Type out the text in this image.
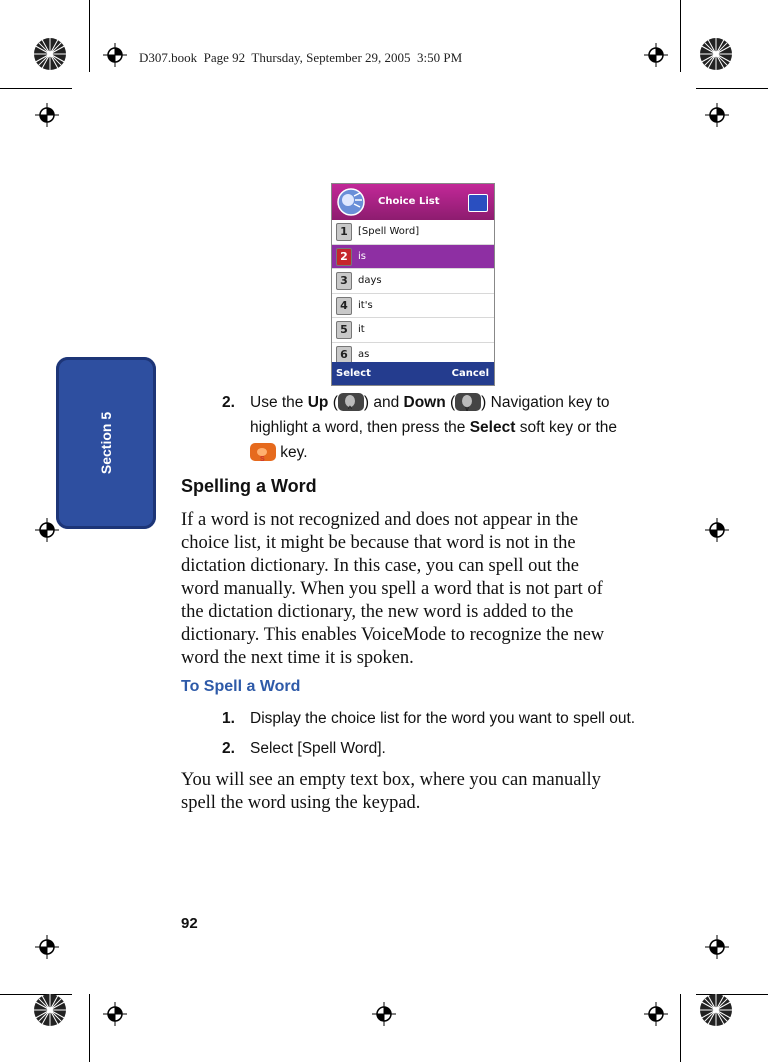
D307.book  Page 92  Thursday, September 29, 2005  3:50 PM
Section 5
Choice List
1	[Spell Word]
2	is
3	days
4	it's
5	it
6	as
Select	Cancel
2. Use the Up ( ^ ) and Down ( v ) Navigation key to
highlight a word, then press the Select soft key or the
S key.
Spelling a Word
If a word is not recognized and does not appear in the
choice list, it might be because that word is not in the
dictation dictionary. In this case, you can spell out the
word manually. When you spell a word that is not part of
the dictation dictionary, the new word is added to the
dictionary. This enables VoiceMode to recognize the new
word the next time it is spoken.
To Spell a Word
1. Display the choice list for the word you want to spell out.
2. Select [Spell Word].
You will see an empty text box, where you can manually
spell the word using the keypad.
92
